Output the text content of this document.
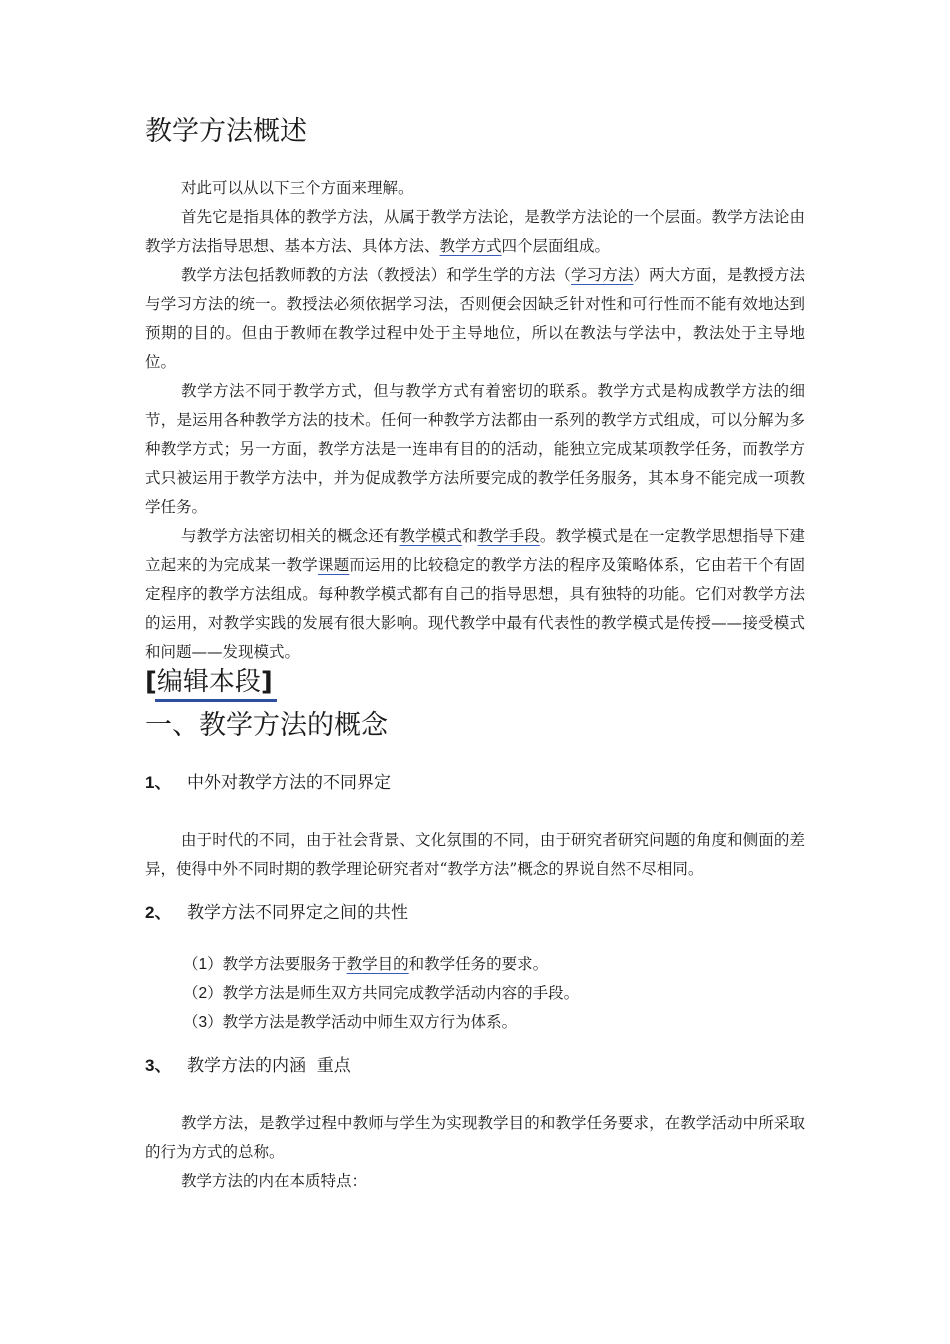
教学方法概述

对此可以从以下三个方面来理解。

首先它是指具体的教学方法，从属于教学方法论，是教学方法论的一个层面。教学方法论由教学方法指导思想、基本方法、具体方法、教学方式四个层面组成。

教学方法包括教师教的方法（教授法）和学生学的方法（学习方法）两大方面，是教授方法与学习方法的统一。教授法必须依据学习法，否则便会因缺乏针对性和可行性而不能有效地达到预期的目的。但由于教师在教学过程中处于主导地位，所以在教法与学法中，教法处于主导地位。

教学方法不同于教学方式，但与教学方式有着密切的联系。教学方式是构成教学方法的细节，是运用各种教学方法的技术。任何一种教学方法都由一系列的教学方式组成，可以分解为多种教学方式；另一方面，教学方法是一连串有目的的活动，能独立完成某项教学任务，而教学方式只被运用于教学方法中，并为促成教学方法所要完成的教学任务服务，其本身不能完成一项教学任务。

与教学方法密切相关的概念还有教学模式和教学手段。教学模式是在一定教学思想指导下建立起来的为完成某一教学课题而运用的比较稳定的教学方法的程序及策略体系，它由若干个有固定程序的教学方法组成。每种教学模式都有自己的指导思想，具有独特的功能。它们对教学方法的运用，对教学实践的发展有很大影响。现代教学中最有代表性的教学模式是传授——接受模式和问题——发现模式。

[编辑本段]
一、教学方法的概念
1、 中外对教学方法的不同界定

由于时代的不同，由于社会背景、文化氛围的不同，由于研究者研究问题的角度和侧面的差异，使得中外不同时期的教学理论研究者对“教学方法”概念的界说自然不尽相同。

2、 教学方法不同界定之间的共性

（1）教学方法要服务于教学目的和教学任务的要求。

（2）教学方法是师生双方共同完成教学活动内容的手段。

（3）教学方法是教学活动中师生双方行为体系。

3、 教学方法的内涵  重点

教学方法，是教学过程中教师与学生为实现教学目的和教学任务要求，在教学活动中所采取的行为方式的总称。

教学方法的内在本质特点：
